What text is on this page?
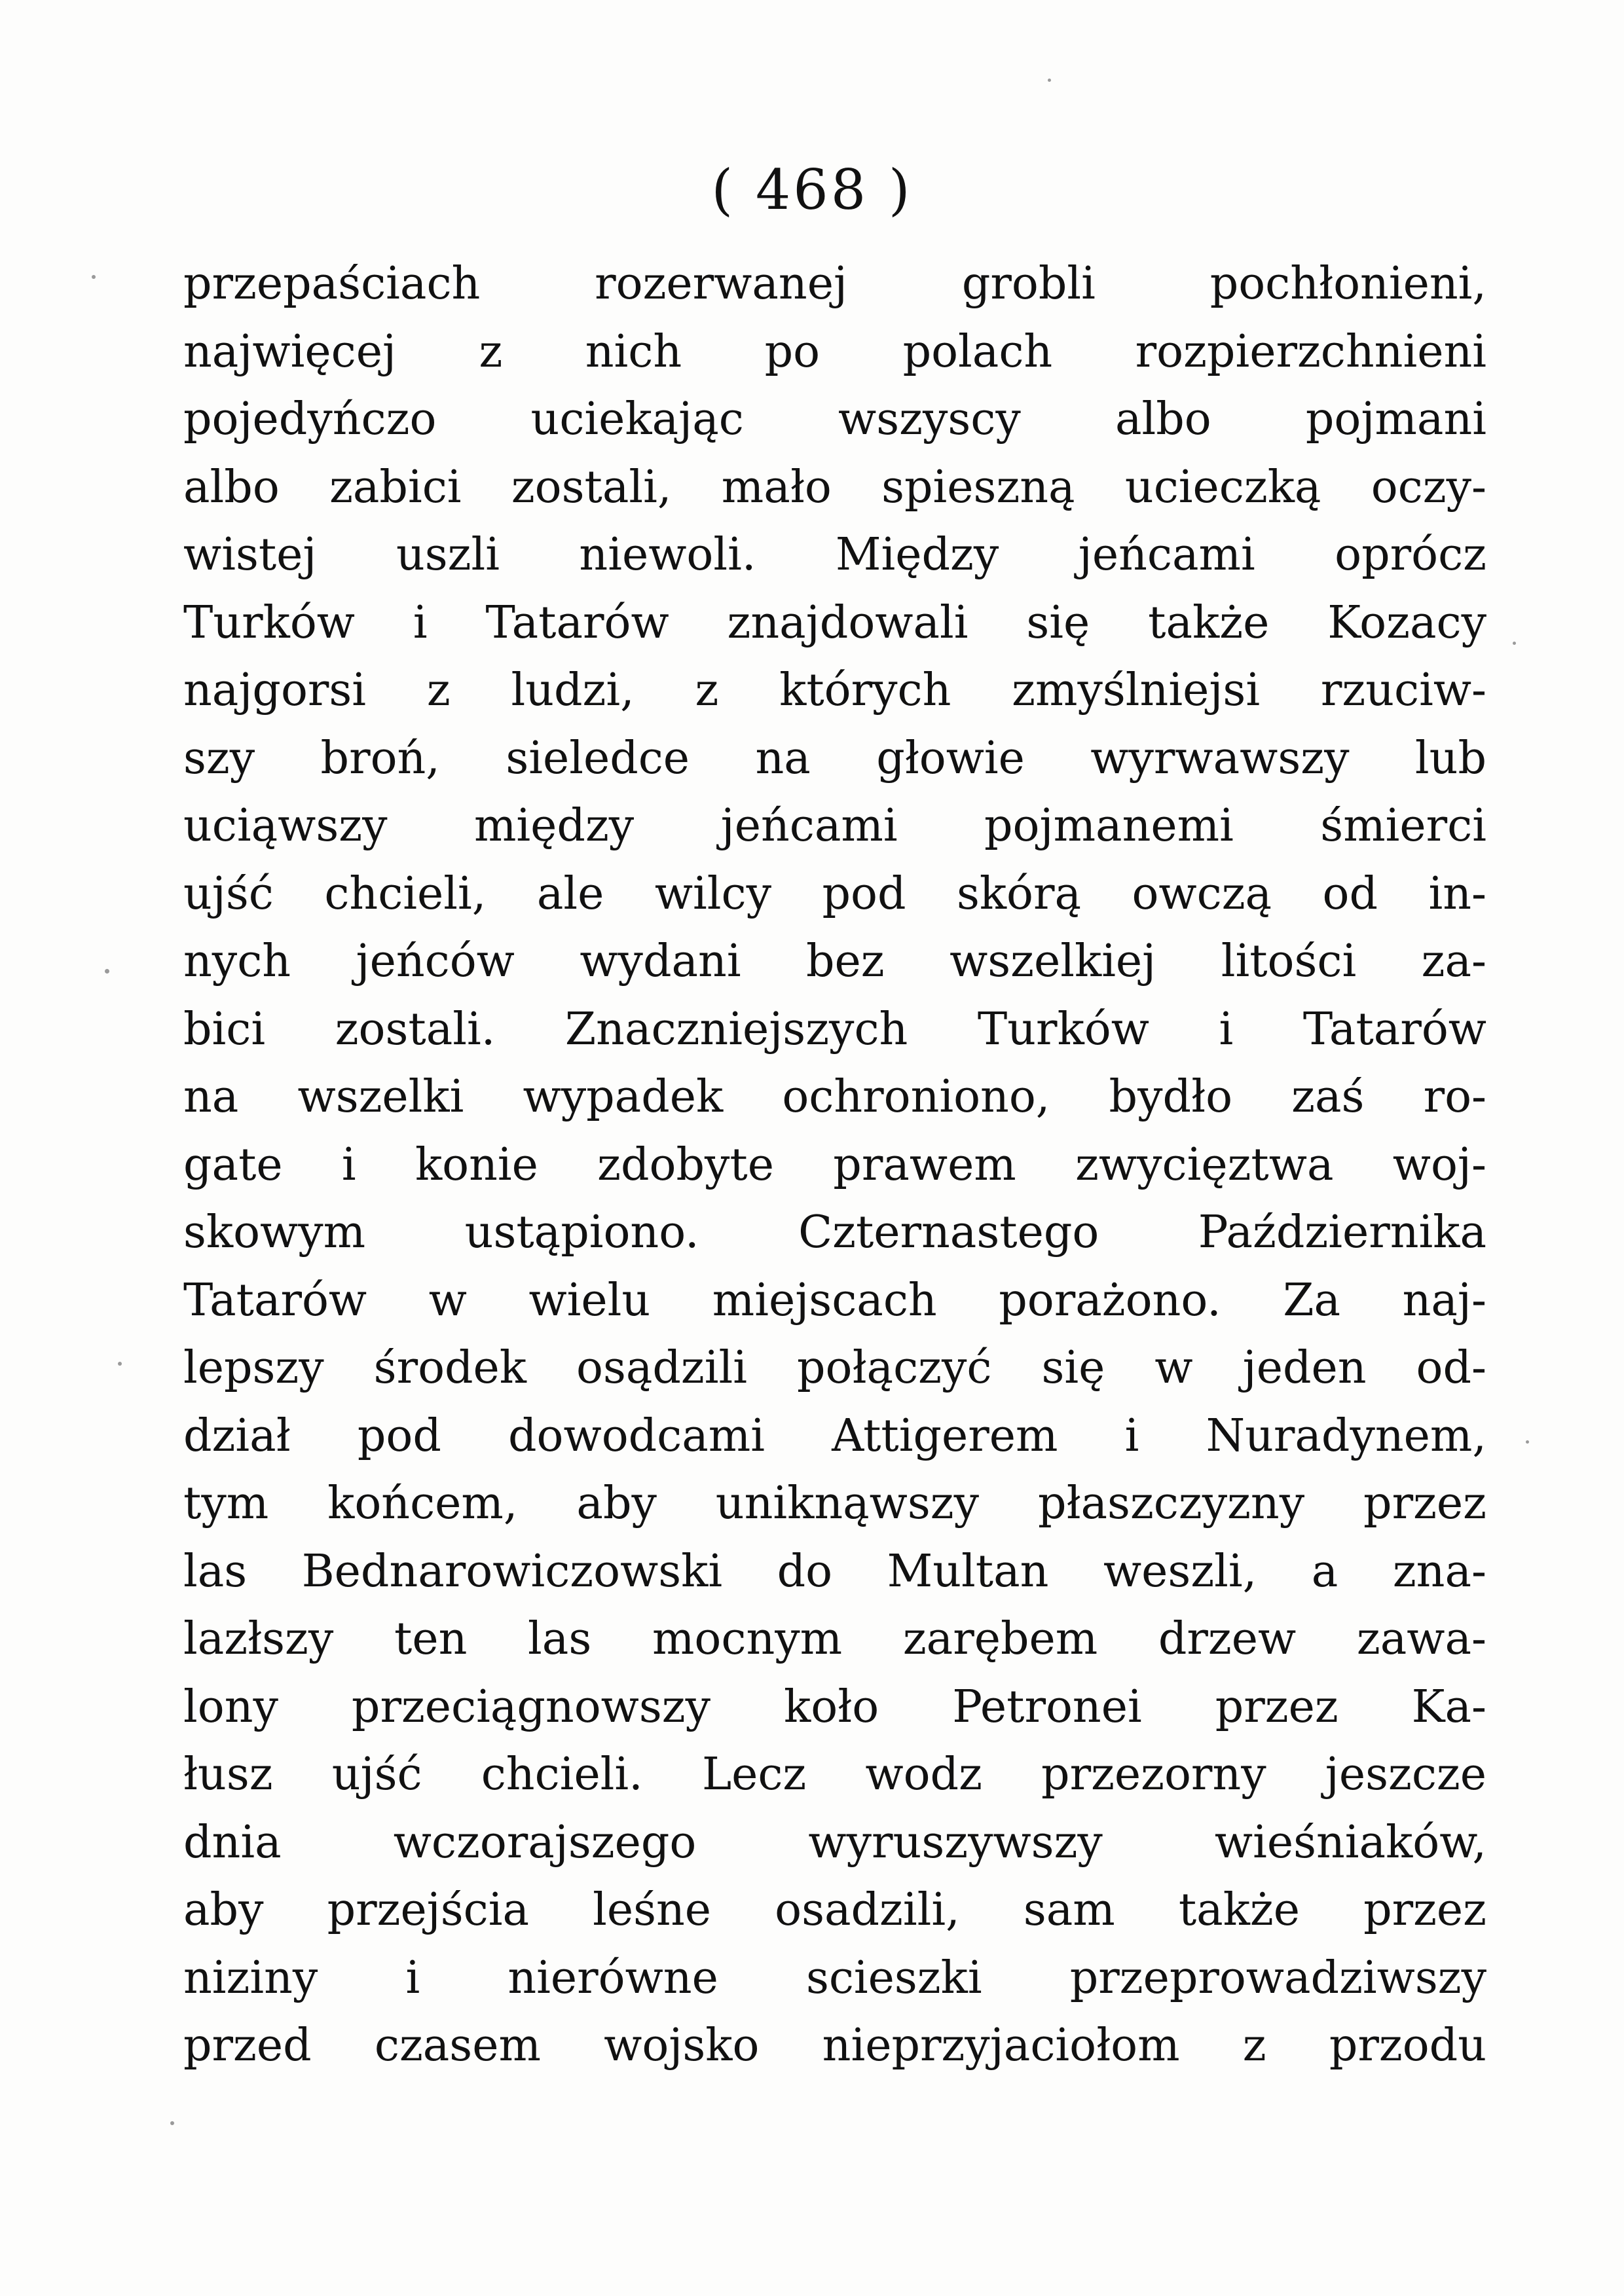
( 468 )
przepaściach rozerwanej grobli pochłonieni,
najwięcej z nich po polach rozpierzchnieni
pojedyńczo uciekając wszyscy albo pojmani
albo zabici zostali, mało spieszną ucieczką oczy-
wistej uszli niewoli. Między jeńcami oprócz
Turków i Tatarów znajdowali się także Kozacy
najgorsi z ludzi, z których zmyślniejsi rzuciw-
szy broń, sieledce na głowie wyrwawszy lub
uciąwszy między jeńcami pojmanemi śmierci
ujść chcieli, ale wilcy pod skórą owczą od in-
nych jeńców wydani bez wszelkiej litości za-
bici zostali. Znaczniejszych Turków i Tatarów
na wszelki wypadek ochroniono, bydło zaś ro-
gate i konie zdobyte prawem zwycięztwa woj-
skowym ustąpiono. Czternastego Października
Tatarów w wielu miejscach porażono. Za naj-
lepszy środek osądzili połączyć się w jeden od-
dział pod dowodcami Attigerem i Nuradynem,
tym końcem, aby uniknąwszy płaszczyzny przez
las Bednarowiczowski do Multan weszli, a zna-
lazłszy ten las mocnym zarębem drzew zawa-
lony przeciągnowszy koło Petronei przez Ka-
łusz ujść chcieli. Lecz wodz przezorny jeszcze
dnia wczorajszego wyruszywszy wieśniaków,
aby przejścia leśne osadzili, sam także przez
niziny i nierówne scieszki przeprowadziwszy
przed czasem wojsko nieprzyjaciołom z przodu
